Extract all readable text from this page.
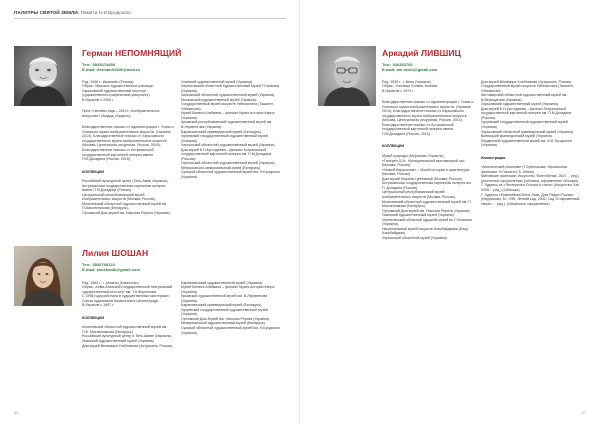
ПАЛИТРЫ СВЯТОЙ ЗЕМЛИ. Памяти Н.И.Бродского
Герман НЕПОМНЯЩИЙ
Тел.: 0545474458
E-mail: Germanh1946@mail.ru

Род. 1946 г., Ишимово (Россия).
Образ.: Минское художественное училище; Харьковский художественный институт (художественно-графический факультет).
В Израиле с 2000 г.

Приз «Человек года – 2014», Изобразительное искусство» (Ашдод, Израиль).

Благодарственное письмо от Администрации г. Ухань и Уханского музея изобразительных искусств. (Украина, 2014); Благодарственное письмо от Харьковского государственного музея изобразительных искусств (Москва, Центрльная ресурсная, Россия, 2015); Благодарственное письмо от Астраханской государственной картинной галереи имени П.М.Догадина (Россия, 2015).

КОЛЛЕКЦИИ

Российский культурный центр (Тель-Авив, Израиль).
Астраханская государственная картинная галерея имени П.М.Догадина (Россия).
Центральный республиканский музей изобразительных искусств (Москва, Россия).
Могилевский областной художественный музей им. П.Масленникова (Беларусь).
Орловский Дом-музей им. Николая Рериха (Украина).

Уханский художественный музей (Украина).
Черниговский областной художественный музей Г.Галагана (Украина).
Черкасский областной художественный музей (Украина).
Московский художественный музей (Украина).
Государственный музей искусств Узбекистана (Ташкент, Узбекистан).
Музей Валеса Апейкина – филиал Музея истории Кипра (Украина).
Крымский республиканский художественный музей им. В.Лерментова (Украина).
Барановичский краеведческий музей (Беларусь).
Чугуевский государственный художественный музей (Украина).
Херсонский областной художественный музей (Украина).
Дом-музей Б.Н.Кустодиева – филиал Астраханской государственной картинной галереи им. П.М.Догадина (Россия).
Херсонский областной художественный музей (Украина).
Мемориально-мемориальный музей (Беларусь).
Сумской областной художественный музей им. Н.Бродского (Украина).

Лилия ШОШАН
Тел.: 0545708123
E-mail: shoshanlk@gmail.com

Род. 1964 г., г. Алматы (Казахстан).
Образ.: Алма-Атинский государственный театральный художественный институт им. Т.К.Жургенова.
С 1998 года работала в художественных мастерских Союза художников Казахстана в Целинограде.
В Израиле с 1997 г.

КОЛЛЕКЦИИ

Могилевский областной художественный музей им. П.В. Масленникова (Беларусь).
Российский культурный центр в Тель-Авиве (Израиль).
Уманский художественный музей (Украина).
Дом-музей Велимира Хлебникова (Астрахань, Россия).

Барановичский художественный музей (Украина).
Музей Валеса Апейкина – филиал Музея истории Кипра (Украина).
Крымский художественный музей им. В.Лерментова (Украина).
Барановичский краеведческий музей (Беларусь).
Чугуевский государственный художественный музей (Украина).
Орловский Дом-Музей им. Николая Рериха (Украина).
Мемориальный художественный музей (Беларусь).
Сумской областной художественный музей им. Н.Бродского (Украина).

66
Аркадий ЛИВШИЦ
Тел.: 026453792
E-mail: ark.livshi@gmail.com

Род. 1939 г., г. Вена (Украина).
Образ.: Училище Бллюм, Москва.
В Израиле с 1974 г.

Благодарственное письмо от Администрации г. Ухань и Уханского музея изобразительных искусств. (Украина, 2014); Благодарственное письмо от Харьковского государственного музея изобразительных искусств (Москва, Центральная ресурсная, Россия, 2014); Благодарственное письмо от Астраханской государственной картинной галереи имени П.М.Догадина (Россия, 2015).

КОЛЛЕКЦИИ

Музей природы (Мергалим, Израиль).
«Галерея Л-3», Муниципальный выставочный зал (Москва, Россия).
«Новый Иерусалим» – Музей истории и архитектуры (Москва, Россия).
Дом-музей Марины Цветаевой (Москва, Россия).
Астраханская государственная картинная галерея им. П. Догадина (Россия).
Центральный республиканский музей изобразительных искусств (Москва, Россия).
Могилевский областной художественный музей им. П. Масленникова (Беларусь).
Орловский Дом-музей им. Николая Рериха (Украина).
Уманский художественный музей (Украина).
Чернигівський обласний художній музей ім. Г.Галагана (Украина).
Национальный музей искусств Азербайджана (Баку, Азербайджан).
Черкасский областной музей (Украина).

Дом-музей Велимира Хлебникова (Астрахань, Россия).
Государственный музей искусств Узбекистана (Ташкент, Узбекистан).
Житомирский областной художественный музей им. В.Верещагина (Украина).
Харьковский художественный музей (Украина).
Дом-музей Б.Н.Кустодиева – филиал Астраханской государственной картинной галереи им. П.М.Догадина (Россия).
Чугуевский государственный художественный музей (Украина).
Харьковский областной краеведческий музей (Украина).
Винницкий краеведческий музей (Украина).
Бердянский художественный музей им. И.И. Бродского (Украина).

Иллюстрации

«Мистический реализм» (Т.Зубенькова, Зеркальные фантазии; Н.Палатин; А. Левин).
Миповские фантазии; Искусство; Фантобелия, 2007… ред.) (различное оформление) (обложка, оформление обложки).
Г. Зуденко из «Эзотеричен-Поэзия и стихи» (Искусство; Кат. 2008… ред.) (Обложка).
Г. Зуденко «Еумелейска Моня Лиза, Дом Радуги Пылки» (Иерусалим, М.: ЗЭК; Летний сад, 2000; Сад «Сокровенный тверь»… ред.). (Начальное оформление).

67
